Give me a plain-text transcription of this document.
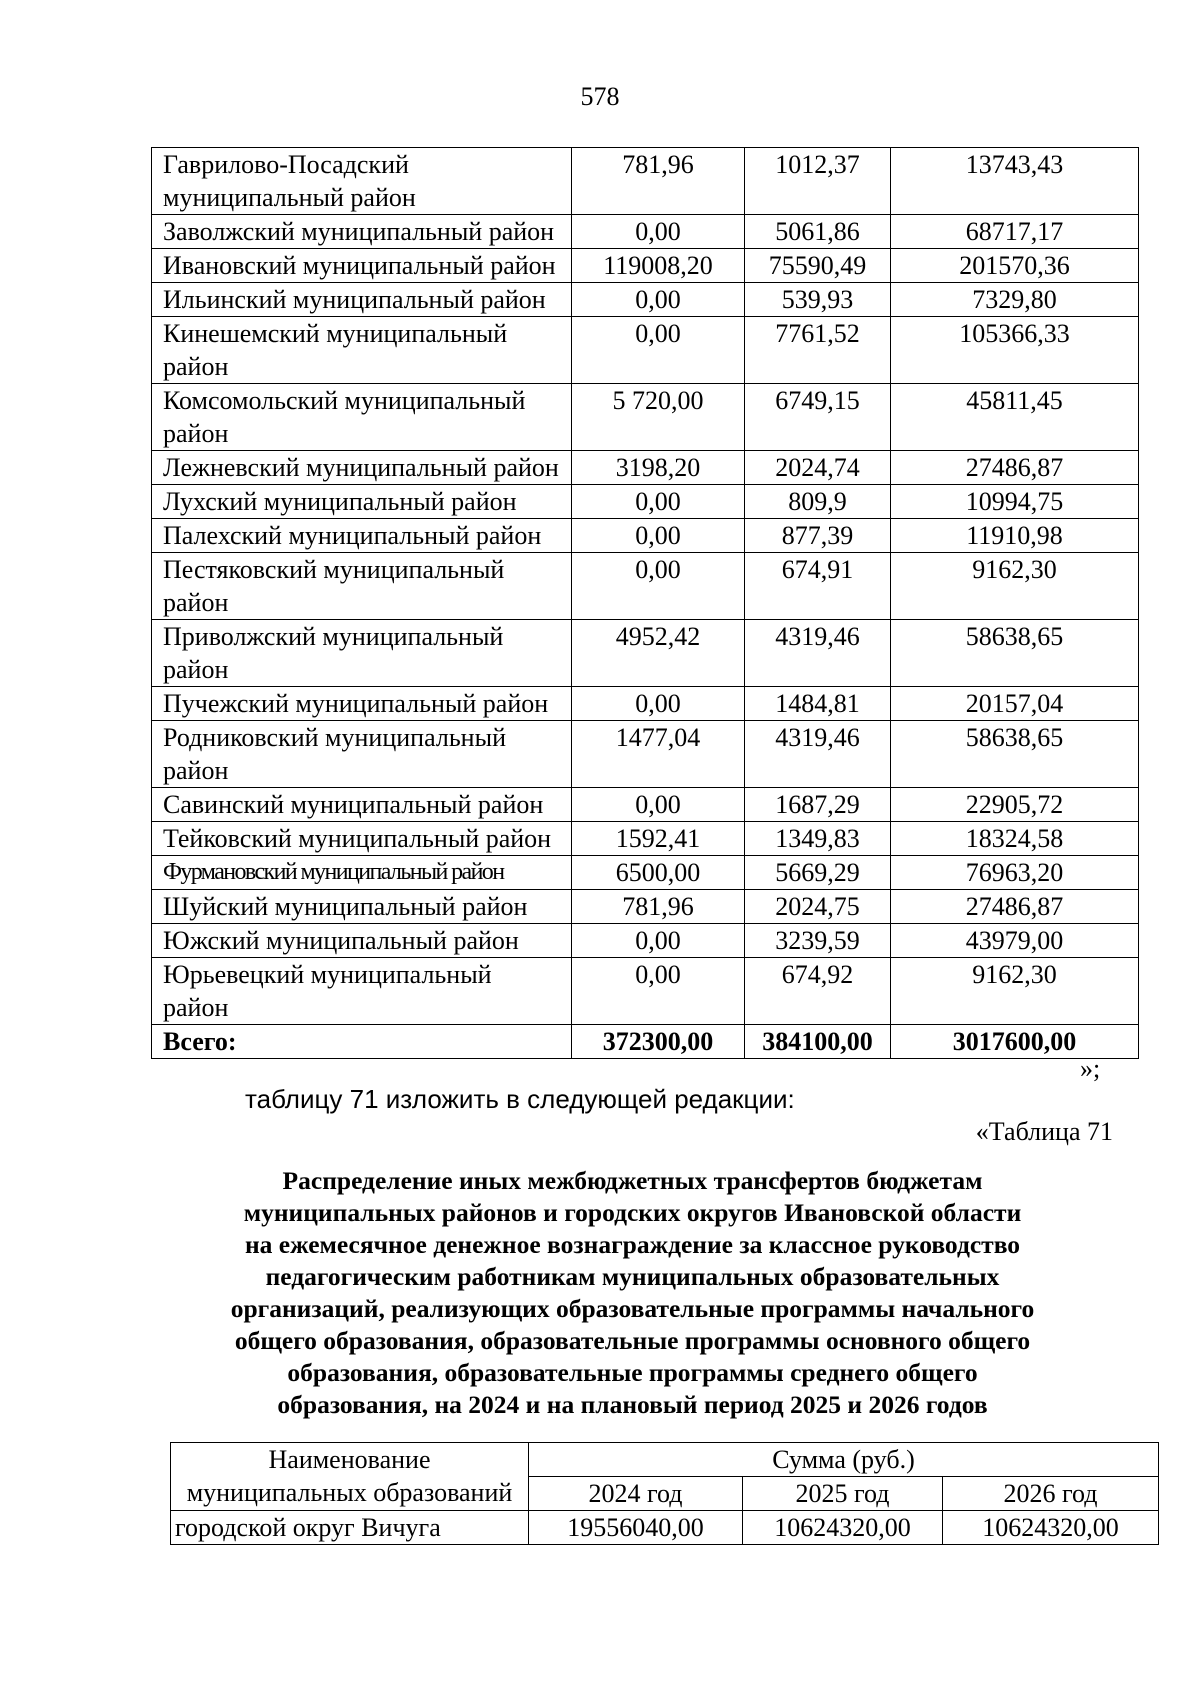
578
Гаврилово-Посадский
муниципальный район	781,96	1012,37	13743,43

Заволжский муниципальный район	0,00	5061,86	68717,17

Ивановский муниципальный район	119008,20	75590,49	201570,36

Ильинский муниципальный район	0,00	539,93	7329,80

Кинешемский муниципальный
район	0,00	7761,52	105366,33

Комсомольский муниципальный
район	5 720,00	6749,15	45811,45

Лежневский муниципальный район	3198,20	2024,74	27486,87

Лухский муниципальный район	0,00	809,9	10994,75

Палехский муниципальный район	0,00	877,39	11910,98

Пестяковский муниципальный
район	0,00	674,91	9162,30

Приволжский муниципальный
район	4952,42	4319,46	58638,65

Пучежский муниципальный район	0,00	1484,81	20157,04

Родниковский муниципальный
район	1477,04	4319,46	58638,65

Савинский муниципальный район	0,00	1687,29	22905,72

Тейковский муниципальный район	1592,41	1349,83	18324,58

Фурмановский муниципальный район	6500,00	5669,29	76963,20

Шуйский муниципальный район	781,96	2024,75	27486,87

Южский муниципальный район	0,00	3239,59	43979,00

Юрьевецкий муниципальный
район	0,00	674,92	9162,30
Всего:	372300,00	384100,00	3017600,00
»;
таблицу 71 изложить в следующей редакции:
«Таблица 71
Распределение иных межбюджетных трансфертов бюджетам
муниципальных районов и городских округов Ивановской области
на ежемесячное денежное вознаграждение за классное руководство
педагогическим работникам муниципальных образовательных
организаций, реализующих образовательные программы начального
общего образования, образовательные программы основного общего
образования, образовательные программы среднего общего
образования, на 2024 и на плановый период 2025 и 2026 годов
Наименование
муниципальных образований	Сумма (руб.)		
	2024 год	2025 год	2026 год
городской округ Вичуга	19556040,00	10624320,00	10624320,00
